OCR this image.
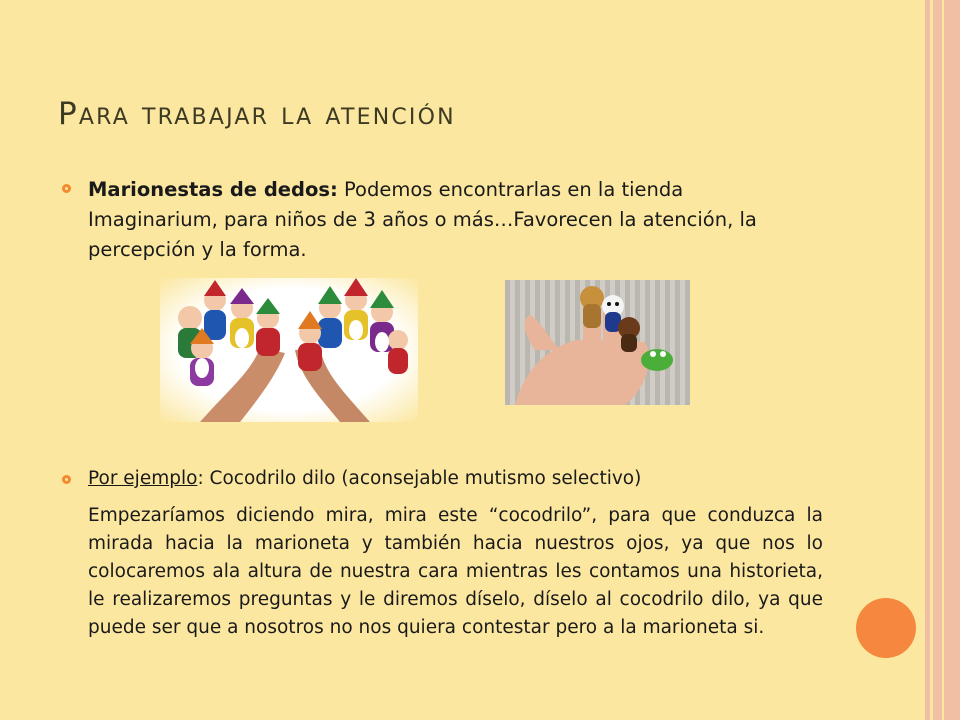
Para trabajar la atención

Marionestas de dedos: Podemos encontrarlas en la tienda Imaginarium, para niños de 3 años o más…Favorecen la atención, la percepción y la forma.

Por ejemplo: Cocodrilo dilo (aconsejable mutismo selectivo)

Empezaríamos diciendo mira, mira este “cocodrilo”, para que conduzca la mirada hacia la marioneta y también hacia nuestros ojos, ya que nos lo colocaremos ala altura de nuestra cara mientras les contamos una historieta, le realizaremos preguntas y le diremos díselo, díselo al cocodrilo dilo, ya que puede ser que a nosotros no nos quiera contestar pero a la marioneta si.
